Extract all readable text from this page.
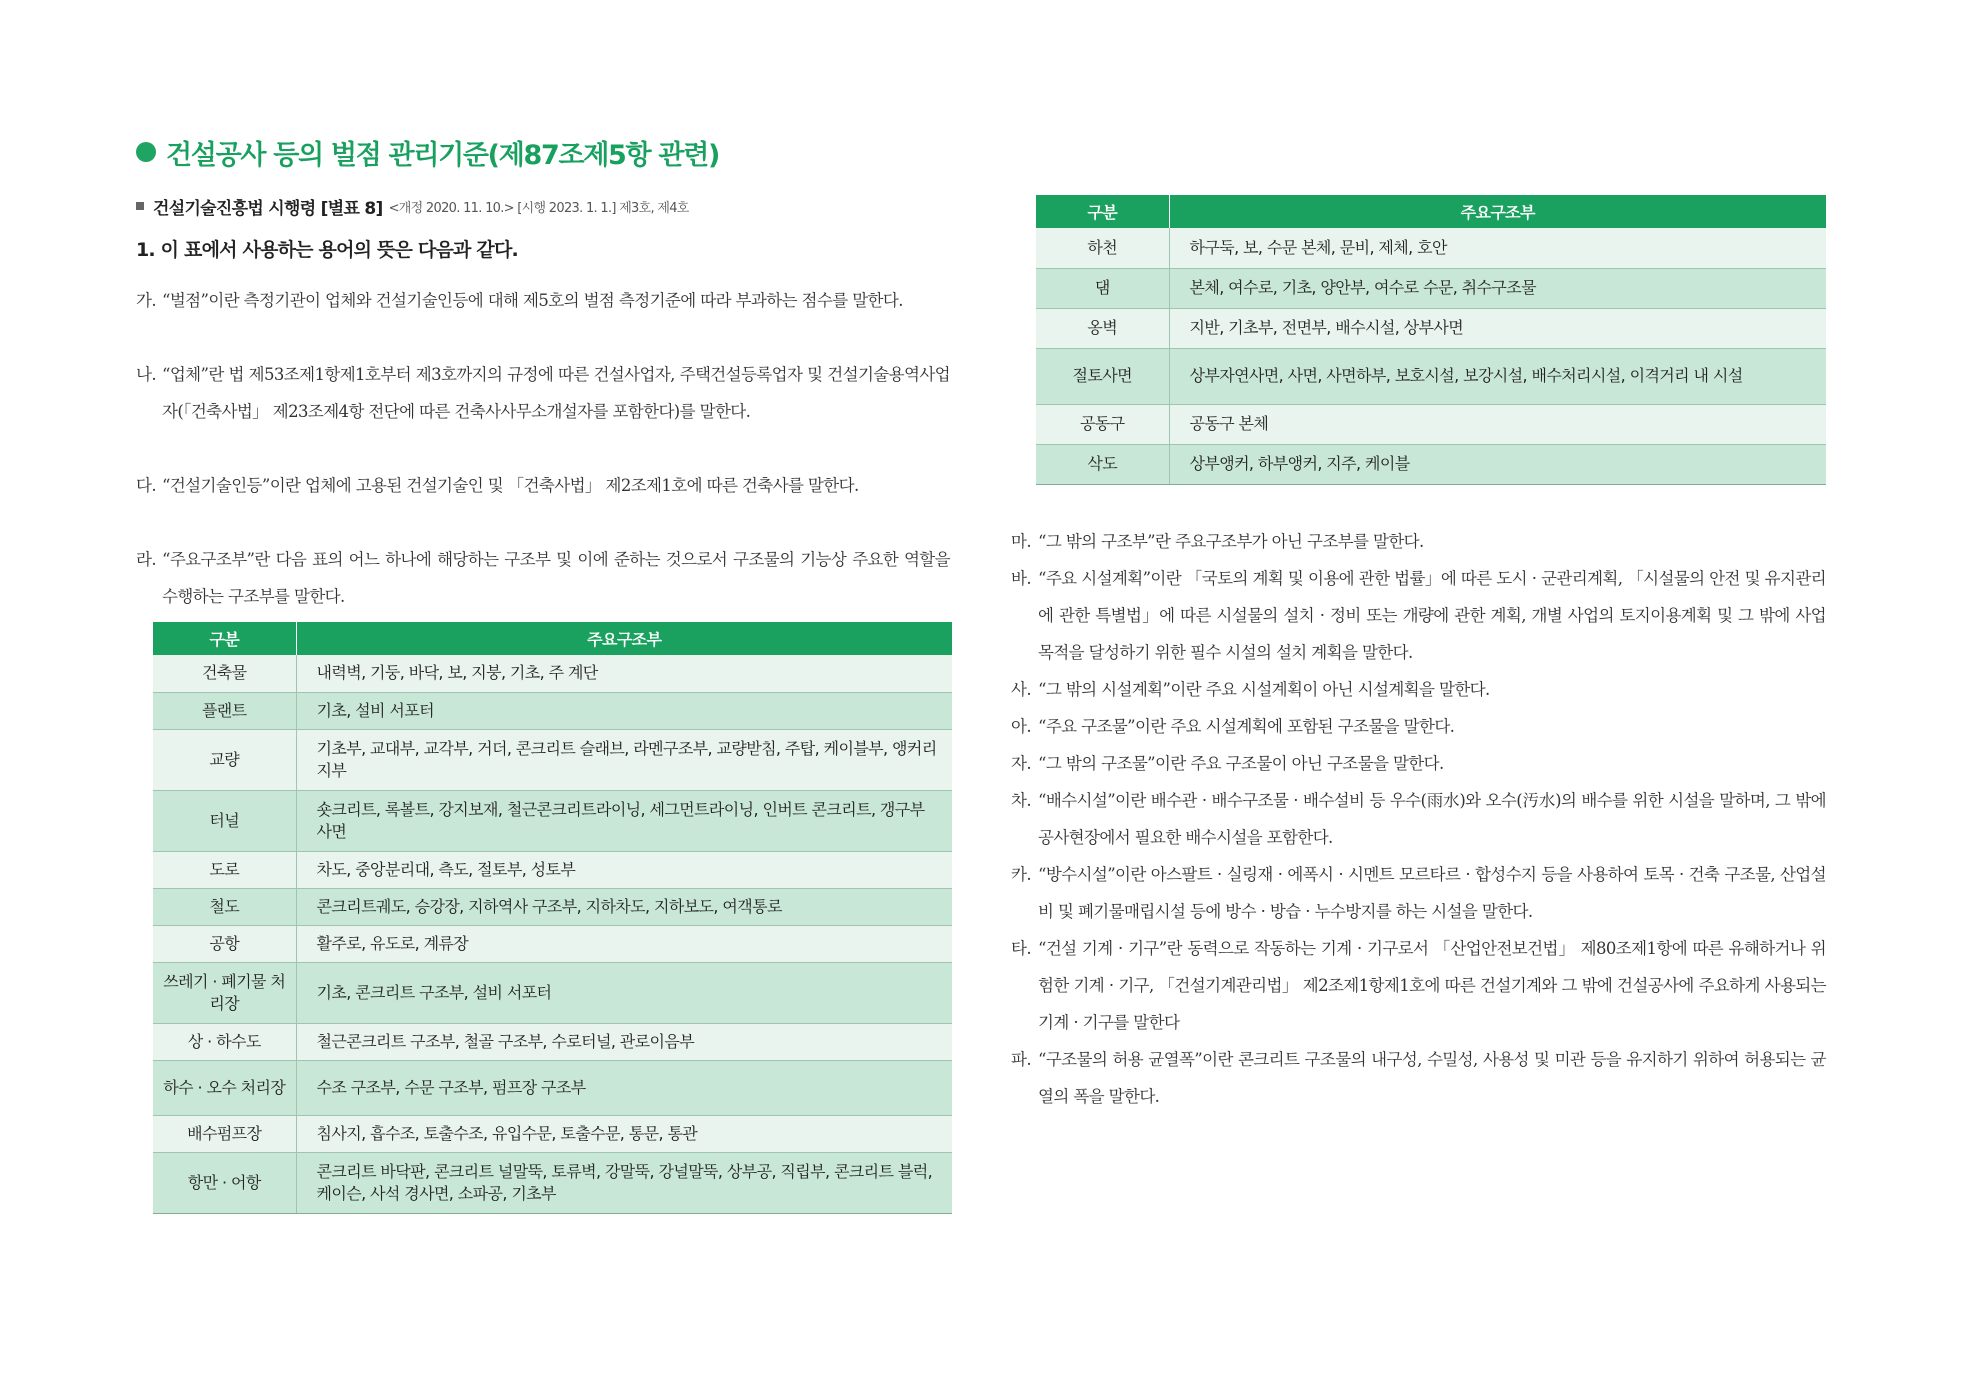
건설공사 등의 벌점 관리기준(제87조제5항 관련)
건설기술진흥법 시행령 [별표 8] <개정 2020. 11. 10.> [시행 2023. 1. 1.] 제3호, 제4호
1. 이 표에서 사용하는 용어의 뜻은 다음과 같다.
가. “벌점”이란 측정기관이 업체와 건설기술인등에 대해 제5호의 벌점 측정기준에 따라 부과하는 점수를 말한다.
나. “업체”란 법 제53조제1항제1호부터 제3호까지의 규정에 따른 건설사업자, 주택건설등록업자 및 건설기술용역사업자(「건축사법」 제23조제4항 전단에 따른 건축사사무소개설자를 포함한다)를 말한다.
다. “건설기술인등”이란 업체에 고용된 건설기술인 및 「건축사법」 제2조제1호에 따른 건축사를 말한다.
라. “주요구조부”란 다음 표의 어느 하나에 해당하는 구조부 및 이에 준하는 것으로서 구조물의 기능상 주요한 역할을 수행하는 구조부를 말한다.
구분	주요구조부
건축물	내력벽, 기둥, 바닥, 보, 지붕, 기초, 주 계단
플랜트	기초, 설비 서포터
교량	기초부, 교대부, 교각부, 거더, 콘크리트 슬래브, 라멘구조부, 교량받침, 주탑, 케이블부, 앵커리지부
터널	숏크리트, 록볼트, 강지보재, 철근콘크리트라이닝, 세그먼트라이닝, 인버트 콘크리트, 갱구부 사면
도로	차도, 중앙분리대, 측도, 절토부, 성토부
철도	콘크리트궤도, 승강장, 지하역사 구조부, 지하차도, 지하보도, 여객통로
공항	활주로, 유도로, 계류장
쓰레기 · 폐기물 처리장	기초, 콘크리트 구조부, 설비 서포터
상 · 하수도	철근콘크리트 구조부, 철골 구조부, 수로터널, 관로이음부
하수 · 오수 처리장	수조 구조부, 수문 구조부, 펌프장 구조부
배수펌프장	침사지, 흡수조, 토출수조, 유입수문, 토출수문, 통문, 통관
항만 · 어항	콘크리트 바닥판, 콘크리트 널말뚝, 토류벽, 강말뚝, 강널말뚝, 상부공, 직립부, 콘크리트 블럭, 케이슨, 사석 경사면, 소파공, 기초부
구분	주요구조부
하천	하구둑, 보, 수문 본체, 문비, 제체, 호안
댐	본체, 여수로, 기초, 양안부, 여수로 수문, 취수구조물
옹벽	지반, 기초부, 전면부, 배수시설, 상부사면
절토사면	상부자연사면, 사면, 사면하부, 보호시설, 보강시설, 배수처리시설, 이격거리 내 시설
공동구	공동구 본체
삭도	상부앵커, 하부앵커, 지주, 케이블
마. “그 밖의 구조부”란 주요구조부가 아닌 구조부를 말한다.
바. “주요 시설계획”이란 「국토의 계획 및 이용에 관한 법률」에 따른 도시 · 군관리계획, 「시설물의 안전 및 유지관리에 관한 특별법」에 따른 시설물의 설치 · 정비 또는 개량에 관한 계획, 개별 사업의 토지이용계획 및 그 밖에 사업 목적을 달성하기 위한 필수 시설의 설치 계획을 말한다.
사. “그 밖의 시설계획”이란 주요 시설계획이 아닌 시설계획을 말한다.
아. “주요 구조물”이란 주요 시설계획에 포함된 구조물을 말한다.
자. “그 밖의 구조물”이란 주요 구조물이 아닌 구조물을 말한다.
차. “배수시설”이란 배수관 · 배수구조물 · 배수설비 등 우수(雨水)와 오수(汚水)의 배수를 위한 시설을 말하며, 그 밖에 공사현장에서 필요한 배수시설을 포함한다.
카. “방수시설”이란 아스팔트 · 실링재 · 에폭시 · 시멘트 모르타르 · 합성수지 등을 사용하여 토목 · 건축 구조물, 산업설비 및 폐기물매립시설 등에 방수 · 방습 · 누수방지를 하는 시설을 말한다.
타. “건설 기계 · 기구”란 동력으로 작동하는 기계 · 기구로서 「산업안전보건법」 제80조제1항에 따른 유해하거나 위험한 기계 · 기구, 「건설기계관리법」 제2조제1항제1호에 따른 건설기계와 그 밖에 건설공사에 주요하게 사용되는 기계 · 기구를 말한다
파. “구조물의 허용 균열폭”이란 콘크리트 구조물의 내구성, 수밀성, 사용성 및 미관 등을 유지하기 위하여 허용되는 균열의 폭을 말한다.
